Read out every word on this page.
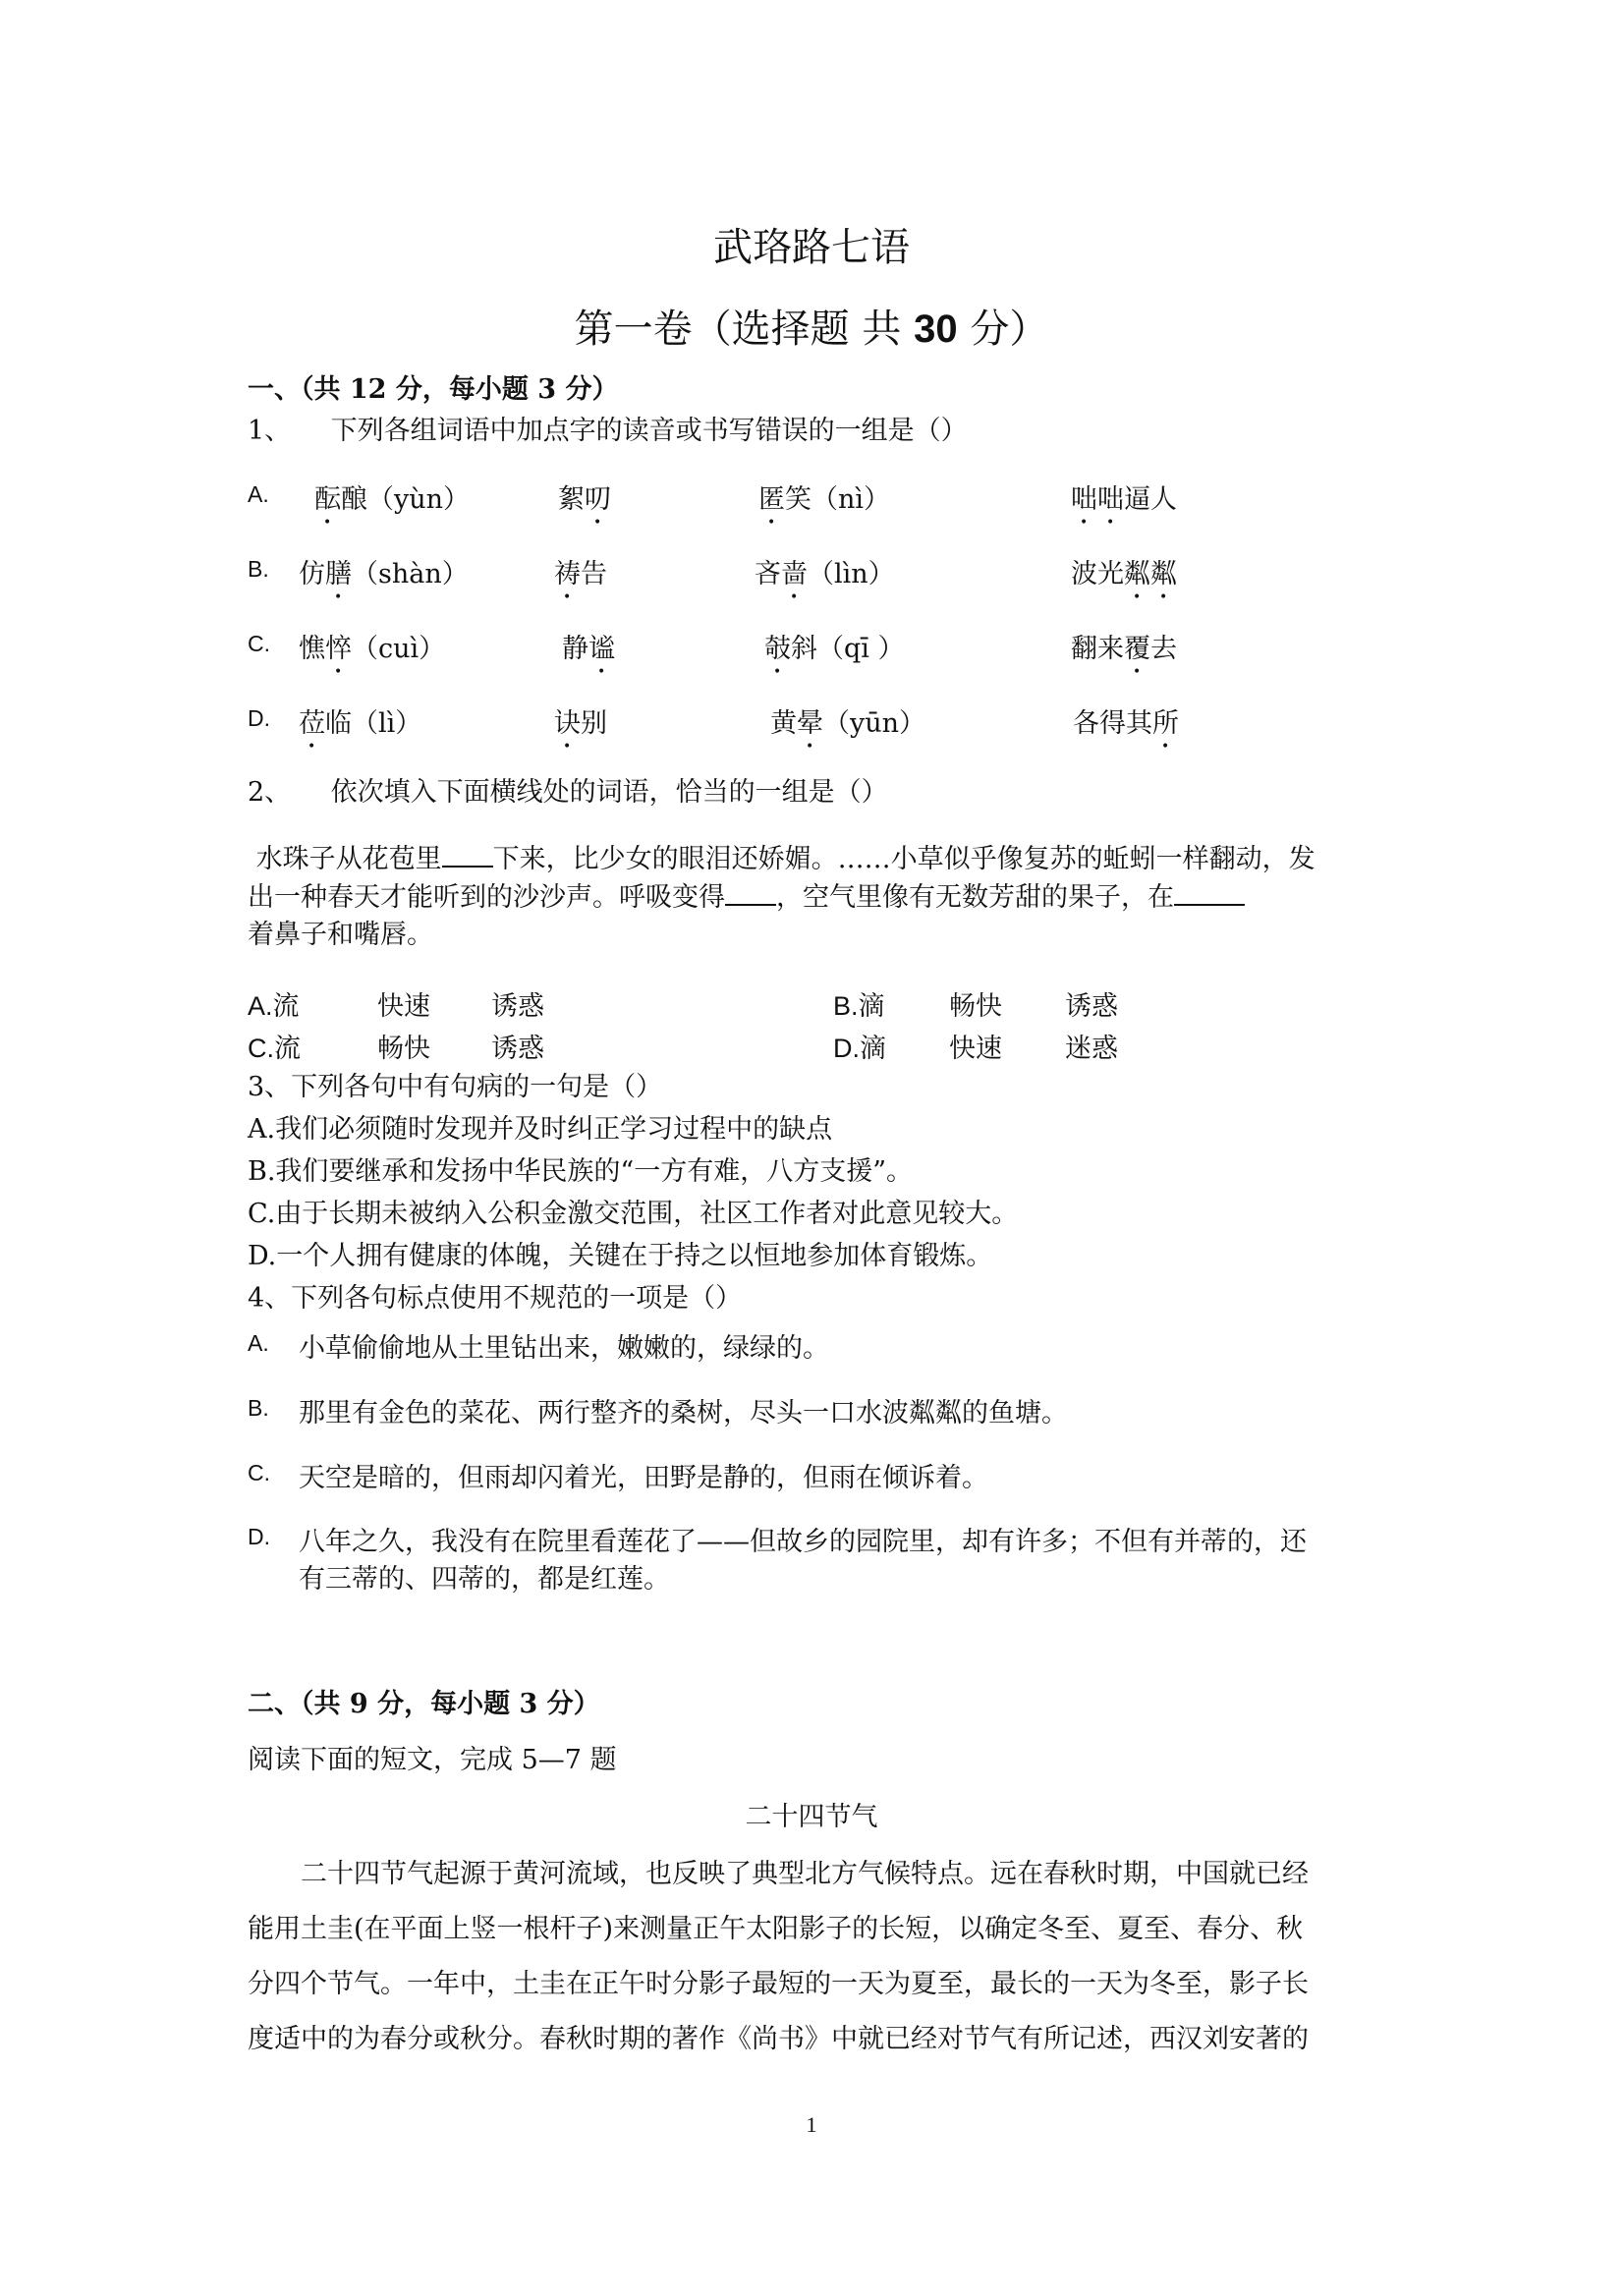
武珞路七语
第一卷（选择题 共 30 分）
一、（共 12 分，每小题 3 分）
1、　　下列各组词语中加点字的读音或书写错误的一组是（）
A. 酝酿（yùn）	絮叨	匿笑（nì）	咄咄逼人
B. 仿膳（shàn）	祷告	吝啬（lìn）	波光粼粼
C. 憔悴（cuì）	静谧	攲斜（qī ）	翻来覆去
D. 莅临（lì）	诀别	黄晕（yūn）	各得其所
2、　　依次填入下面横线处的词语，恰当的一组是（）
水珠子从花苞里 下来，比少女的眼泪还娇媚。……小草似乎像复苏的蚯蚓一样翻动，发
出一种春天才能听到的沙沙声。呼吸变得 ，空气里像有无数芳甜的果子，在
着鼻子和嘴唇。
A.流	快速 诱惑	B.滴 畅快 诱惑
C.流	畅快 诱惑	D.滴 快速 迷惑
3、下列各句中有句病的一句是（）
A.我们必须随时发现并及时纠正学习过程中的缺点
B.我们要继承和发扬中华民族的“一方有难，八方支援”。
C.由于长期未被纳入公积金激交范围，社区工作者对此意见较大。
D.一个人拥有健康的体魄，关键在于持之以恒地参加体育锻炼。
4、下列各句标点使用不规范的一项是（）
A. 小草偷偷地从土里钻出来，嫩嫩的，绿绿的。
B. 那里有金色的菜花、两行整齐的桑树，尽头一口水波粼粼的鱼塘。
C. 天空是暗的，但雨却闪着光，田野是静的，但雨在倾诉着。
D. 八年之久，我没有在院里看莲花了——但故乡的园院里，却有许多；不但有并蒂的，还
有三蒂的、四蒂的，都是红莲。
二、（共 9 分，每小题 3 分）
阅读下面的短文，完成 5—7 题
二十四节气
二十四节气起源于黄河流域，也反映了典型北方气候特点。远在春秋时期，中国就已经
能用土圭(在平面上竖一根杆子)来测量正午太阳影子的长短，以确定冬至、夏至、春分、秋
分四个节气。一年中，土圭在正午时分影子最短的一天为夏至，最长的一天为冬至，影子长
度适中的为春分或秋分。春秋时期的著作《尚书》中就已经对节气有所记述，西汉刘安著的
1
